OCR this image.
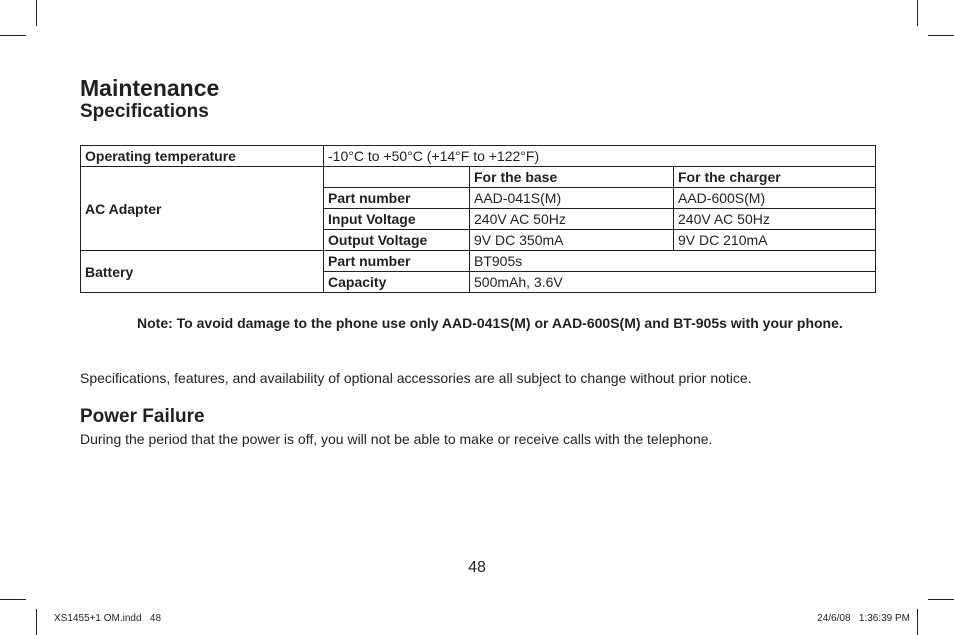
Maintenance
Specifications
Operating temperature	-10°C to +50°C (+14°F to +122°F)		
AC Adapter		For the base	For the charger
	Part number	AAD-041S(M)	AAD-600S(M)
	Input Voltage	240V AC 50Hz	240V AC 50Hz
	Output Voltage	9V DC 350mA	9V DC 210mA
Battery	Part number	BT905s	
	Capacity	500mAh, 3.6V	
Note: To avoid damage to the phone use only AAD-041S(M) or AAD-600S(M) and BT-905s with your phone.
Specifications, features, and availability of optional accessories are all subject to change without prior notice.
Power Failure
During the period that the power is off, you will not be able to make or receive calls with the telephone.
48
XS1455+1 OM.indd   48	24/6/08   1:36:39 PM
